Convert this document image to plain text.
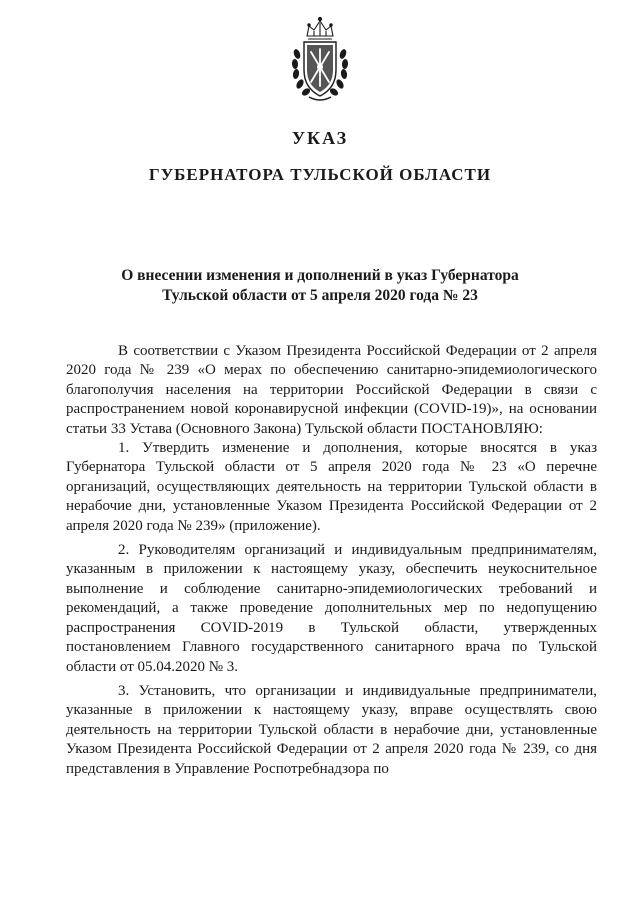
УКАЗ
ГУБЕРНАТОРА ТУЛЬСКОЙ ОБЛАСТИ
О внесении изменения и дополнений в указ Губернатора
Тульской области от 5 апреля 2020 года № 23

В соответствии с Указом Президента Российской Федерации от 2 апреля 2020 года № 239 «О мерах по обеспечению санитарно-эпидемиологического благополучия населения на территории Российской Федерации в связи с распространением новой коронавирусной инфекции (COVID-19)», на основании статьи 33 Устава (Основного Закона) Тульской области ПОСТАНОВЛЯЮ:

1. Утвердить изменение и дополнения, которые вносятся в указ Губернатора Тульской области от 5 апреля 2020 года № 23 «О перечне организаций, осуществляющих деятельность на территории Тульской области в нерабочие дни, установленные Указом Президента Российской Федерации от 2 апреля 2020 года № 239» (приложение).

2. Руководителям организаций и индивидуальным предпринимателям, указанным в приложении к настоящему указу, обеспечить неукоснительное выполнение и соблюдение санитарно-эпидемиологических требований и рекомендаций, а также проведение дополнительных мер по недопущению распространения COVID-2019 в Тульской области, утвержденных постановлением Главного государственного санитарного врача по Тульской области от 05.04.2020 № 3.

3. Установить, что организации и индивидуальные предприниматели, указанные в приложении к настоящему указу, вправе осуществлять свою деятельность на территории Тульской области в нерабочие дни, установленные Указом Президента Российской Федерации от 2 апреля 2020 года № 239, со дня представления в Управление Роспотребнадзора по
